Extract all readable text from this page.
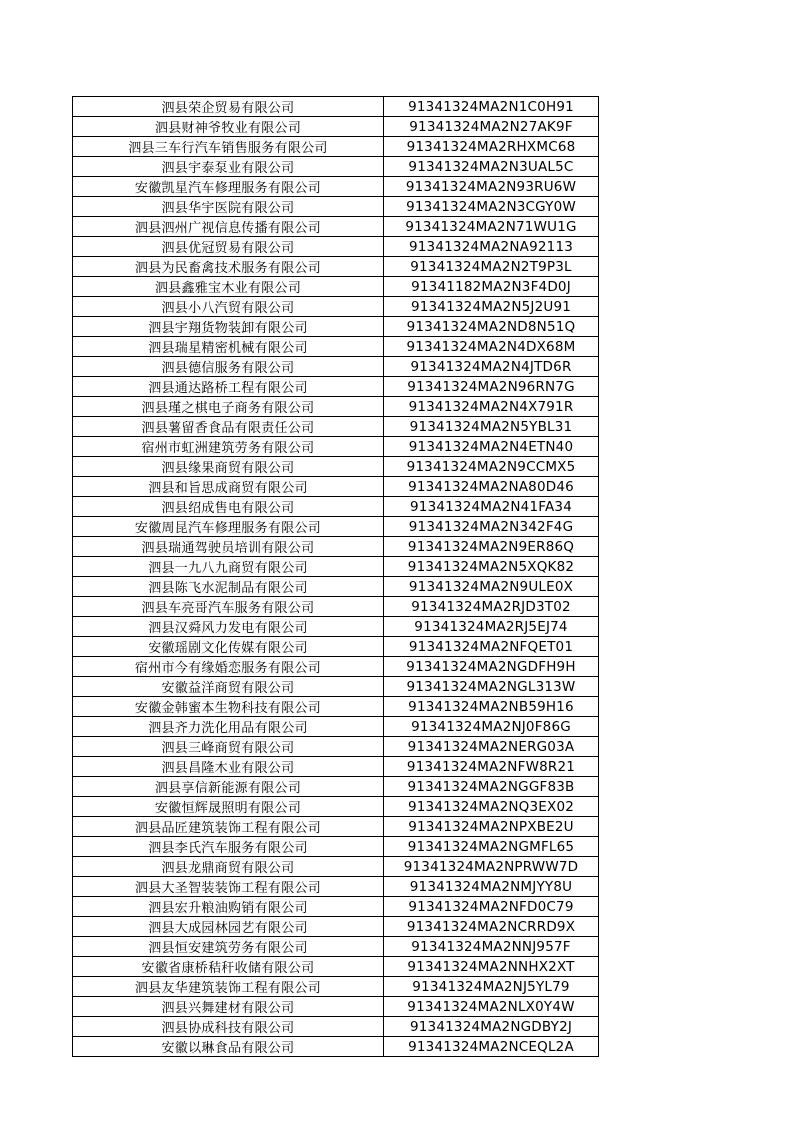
泗县荣企贸易有限公司	91341324MA2N1C0H91
泗县财神爷牧业有限公司	91341324MA2N27AK9F
泗县三车行汽车销售服务有限公司	91341324MA2RHXMC68
泗县宇泰泵业有限公司	91341324MA2N3UAL5C
安徽凯星汽车修理服务有限公司	91341324MA2N93RU6W
泗县华宇医院有限公司	91341324MA2N3CGY0W
泗县泗州广视信息传播有限公司	91341324MA2N71WU1G
泗县优冠贸易有限公司	91341324MA2NA92113
泗县为民畜禽技术服务有限公司	91341324MA2N2T9P3L
泗县鑫雅宝木业有限公司	91341182MA2N3F4D0J
泗县小八汽贸有限公司	91341324MA2N5J2U91
泗县宇翔货物装卸有限公司	91341324MA2ND8N51Q
泗县瑞星精密机械有限公司	91341324MA2N4DX68M
泗县德信服务有限公司	91341324MA2N4JTD6R
泗县通达路桥工程有限公司	91341324MA2N96RN7G
泗县瑾之棋电子商务有限公司	91341324MA2N4X791R
泗县薯留香食品有限责任公司	91341324MA2N5YBL31
宿州市虹洲建筑劳务有限公司	91341324MA2N4ETN40
泗县缘果商贸有限公司	91341324MA2N9CCMX5
泗县和旨思成商贸有限公司	91341324MA2NA80D46
泗县绍成售电有限公司	91341324MA2N41FA34
安徽周昆汽车修理服务有限公司	91341324MA2N342F4G
泗县瑞通驾驶员培训有限公司	91341324MA2N9ER86Q
泗县一九八九商贸有限公司	91341324MA2N5XQK82
泗县陈飞水泥制品有限公司	91341324MA2N9ULE0X
泗县车亮哥汽车服务有限公司	91341324MA2RJD3T02
泗县汉舜风力发电有限公司	91341324MA2RJ5EJ74
安徽瑶剧文化传媒有限公司	91341324MA2NFQET01
宿州市今有缘婚恋服务有限公司	91341324MA2NGDFH9H
安徽益洋商贸有限公司	91341324MA2NGL313W
安徽金韩蜜本生物科技有限公司	91341324MA2NB59H16
泗县齐力洗化用品有限公司	91341324MA2NJ0F86G
泗县三峰商贸有限公司	91341324MA2NERG03A
泗县昌隆木业有限公司	91341324MA2NFW8R21
泗县享信新能源有限公司	91341324MA2NGGF83B
安徽恒辉晟照明有限公司	91341324MA2NQ3EX02
泗县品匠建筑装饰工程有限公司	91341324MA2NPXBE2U
泗县李氏汽车服务有限公司	91341324MA2NGMFL65
泗县龙鼎商贸有限公司	91341324MA2NPRWW7D
泗县大圣智装装饰工程有限公司	91341324MA2NMJYY8U
泗县宏升粮油购销有限公司	91341324MA2NFD0C79
泗县大成园林园艺有限公司	91341324MA2NCRRD9X
泗县恒安建筑劳务有限公司	91341324MA2NNJ957F
安徽省康桥秸秆收储有限公司	91341324MA2NNHX2XT
泗县友华建筑装饰工程有限公司	91341324MA2NJ5YL79
泗县兴舞建材有限公司	91341324MA2NLX0Y4W
泗县协成科技有限公司	91341324MA2NGDBY2J
安徽以琳食品有限公司	91341324MA2NCEQL2A
